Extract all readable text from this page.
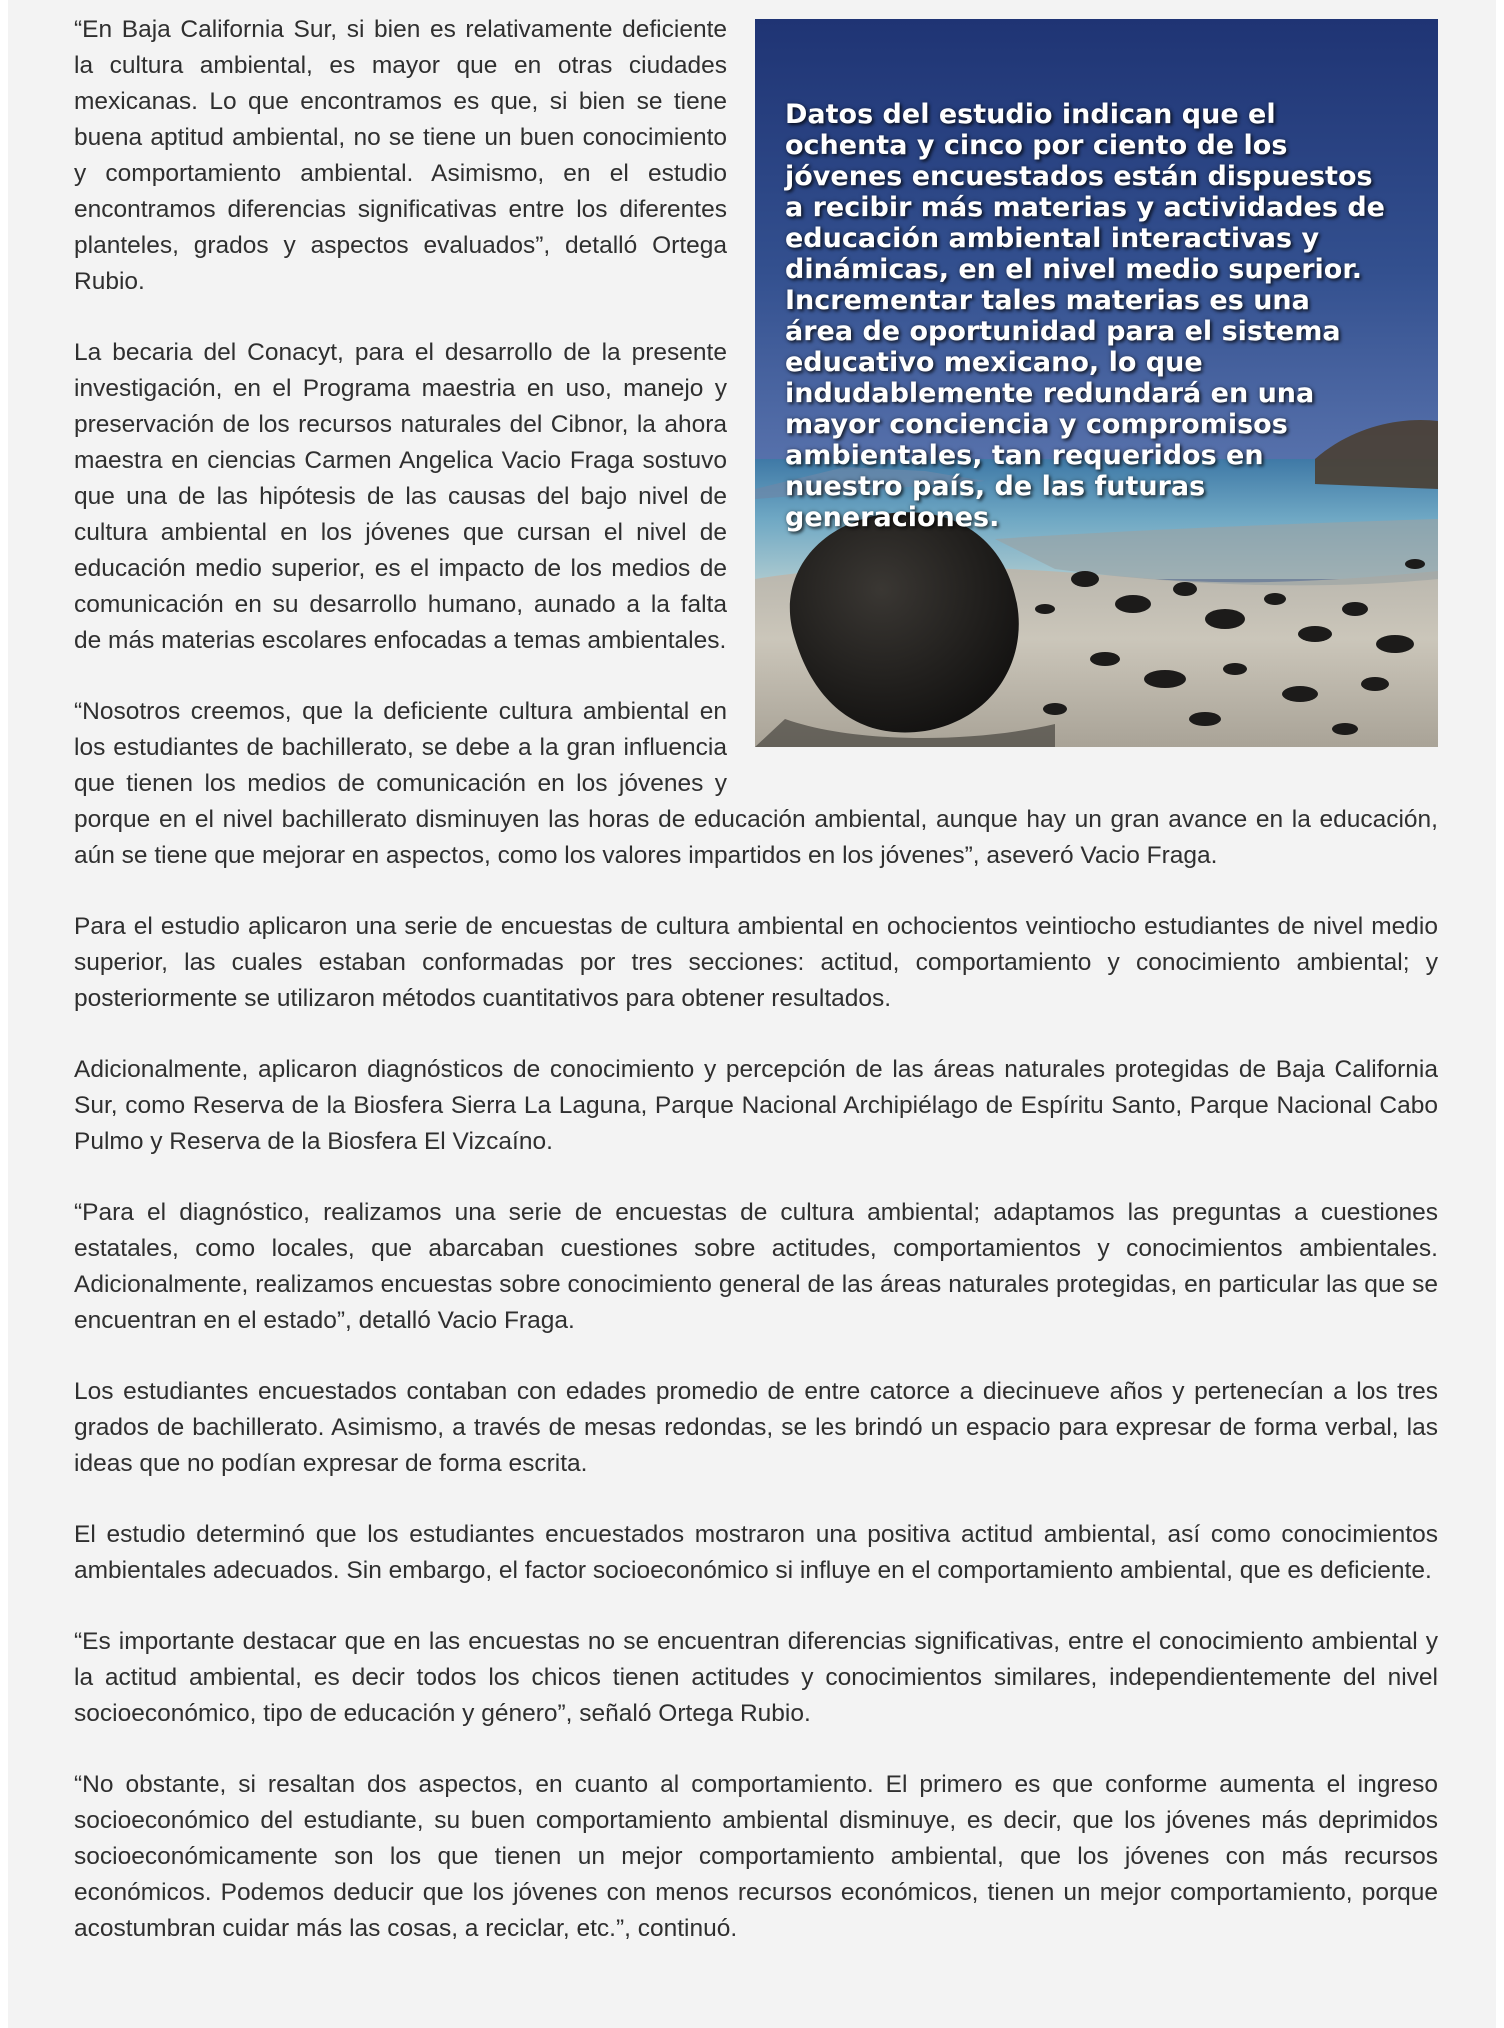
Datos del estudio indican que el ochenta y cinco por ciento de los jóvenes encuestados están dispuestos a recibir más materias y actividades de educación ambiental interactivas y dinámicas, en el nivel medio superior. Incrementar tales materias es una área de oportunidad para el sistema educativo mexicano, lo que indudablemente redundará en una mayor conciencia y compromisos ambientales, tan requeridos en nuestro país, de las futuras generaciones.

“En Baja California Sur, si bien es relativamente deficiente la cultura ambiental, es mayor que en otras ciudades mexicanas. Lo que encontramos es que, si bien se tiene buena aptitud ambiental, no se tiene un buen conocimiento y comportamiento ambiental. Asimismo, en el estudio encontramos diferencias significativas entre los diferentes planteles, grados y aspectos evaluados”, detalló Ortega Rubio.

La becaria del Conacyt, para el desarrollo de la presente investigación, en el Programa maestria en uso, manejo y preservación de los recursos naturales del Cibnor, la ahora maestra en ciencias Carmen Angelica Vacio Fraga sostuvo que una de las hipótesis de las causas del bajo nivel de cultura ambiental en los jóvenes que cursan el nivel de educación medio superior, es el impacto de los medios de comunicación en su desarrollo humano, aunado a la falta de más materias escolares enfocadas a temas ambientales.

“Nosotros creemos, que la deficiente cultura ambiental en los estudiantes de bachillerato, se debe a la gran influencia que tienen los medios de comunicación en los jóvenes y porque en el nivel bachillerato disminuyen las horas de educación ambiental, aunque hay un gran avance en la educación, aún se tiene que mejorar en aspectos, como los valores impartidos en los jóvenes”, aseveró Vacio Fraga.

Para el estudio aplicaron una serie de encuestas de cultura ambiental en ochocientos veintiocho estudiantes de nivel medio superior, las cuales estaban conformadas por tres secciones: actitud, comportamiento y conocimiento ambiental; y posteriormente se utilizaron métodos cuantitativos para obtener resultados.

Adicionalmente, aplicaron diagnósticos de conocimiento y percepción de las áreas naturales protegidas de Baja California Sur, como Reserva de la Biosfera Sierra La Laguna, Parque Nacional Archipiélago de Espíritu Santo, Parque Nacional Cabo Pulmo y Reserva de la Biosfera El Vizcaíno.

“Para el diagnóstico, realizamos una serie de encuestas de cultura ambiental; adaptamos las preguntas a cuestiones estatales, como locales, que abarcaban cuestiones sobre actitudes, comportamientos y conocimientos ambientales. Adicionalmente, realizamos encuestas sobre conocimiento general de las áreas naturales protegidas, en particular las que se encuentran en el estado”, detalló Vacio Fraga.

Los estudiantes encuestados contaban con edades promedio de entre catorce a diecinueve años y pertenecían a los tres grados de bachillerato. Asimismo, a través de mesas redondas, se les brindó un espacio para expresar de forma verbal, las ideas que no podían expresar de forma escrita.

El estudio determinó que los estudiantes encuestados mostraron una positiva actitud ambiental, así como conocimientos ambientales adecuados. Sin embargo, el factor socioeconómico si influye en el comportamiento ambiental, que es deficiente.

“Es importante destacar que en las encuestas no se encuentran diferencias significativas, entre el conocimiento ambiental y la actitud ambiental, es decir todos los chicos tienen actitudes y conocimientos similares, independientemente del nivel socioeconómico, tipo de educación y género”, señaló Ortega Rubio.

“No obstante, si resaltan dos aspectos, en cuanto al comportamiento. El primero es que conforme aumenta el ingreso socioeconómico del estudiante, su buen comportamiento ambiental disminuye, es decir, que los jóvenes más deprimidos socioeconómicamente son los que tienen un mejor comportamiento ambiental, que los jóvenes con más recursos económicos. Podemos deducir que los jóvenes con menos recursos económicos, tienen un mejor comportamiento, porque acostumbran cuidar más las cosas, a reciclar, etc.”, continuó.
